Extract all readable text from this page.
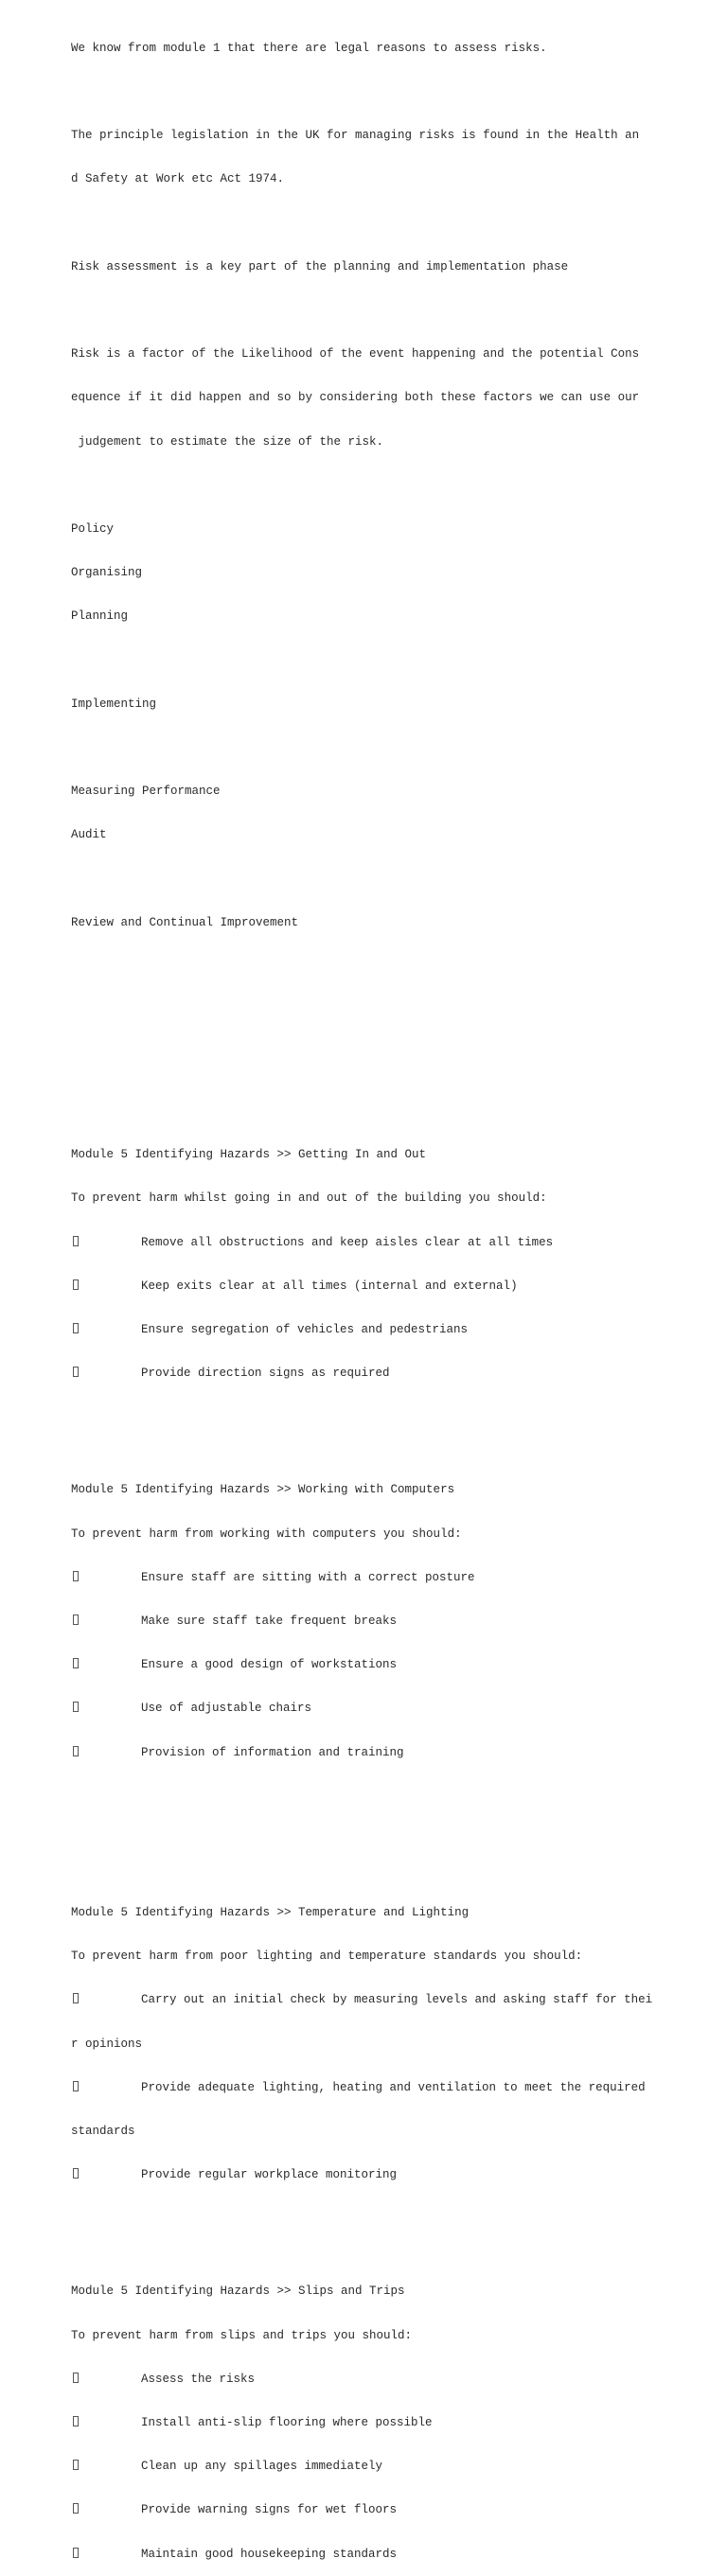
We know from module 1 that there are legal reasons to assess risks.

The principle legislation in the UK for managing risks is found in the Health an

d Safety at Work etc Act 1974.

Risk assessment is a key part of the planning and implementation phase

Risk is a factor of the Likelihood of the event happening and the potential Cons

equence if it did happen and so by considering both these factors we can use our

judgement to estimate the size of the risk.

Policy

Organising

Planning

Implementing

Measuring Performance

Audit

Review and Continual Improvement

Module 5 Identifying Hazards >> Getting In and Out

To prevent harm whilst going in and out of the building you should:

Remove all obstructions and keep aisles clear at all times

Keep exits clear at all times (internal and external)

Ensure segregation of vehicles and pedestrians

Provide direction signs as required

Module 5 Identifying Hazards >> Working with Computers

To prevent harm from working with computers you should:

Ensure staff are sitting with a correct posture

Make sure staff take frequent breaks

Ensure a good design of workstations

Use of adjustable chairs

Provision of information and training

Module 5 Identifying Hazards >> Temperature and Lighting

To prevent harm from poor lighting and temperature standards you should:

Carry out an initial check by measuring levels and asking staff for thei

r opinions

Provide adequate lighting, heating and ventilation to meet the required

standards

Provide regular workplace monitoring

Module 5 Identifying Hazards >> Slips and Trips

To prevent harm from slips and trips you should:

Assess the risks

Install anti-slip flooring where possible

Clean up any spillages immediately

Provide warning signs for wet floors

Maintain good housekeeping standards
